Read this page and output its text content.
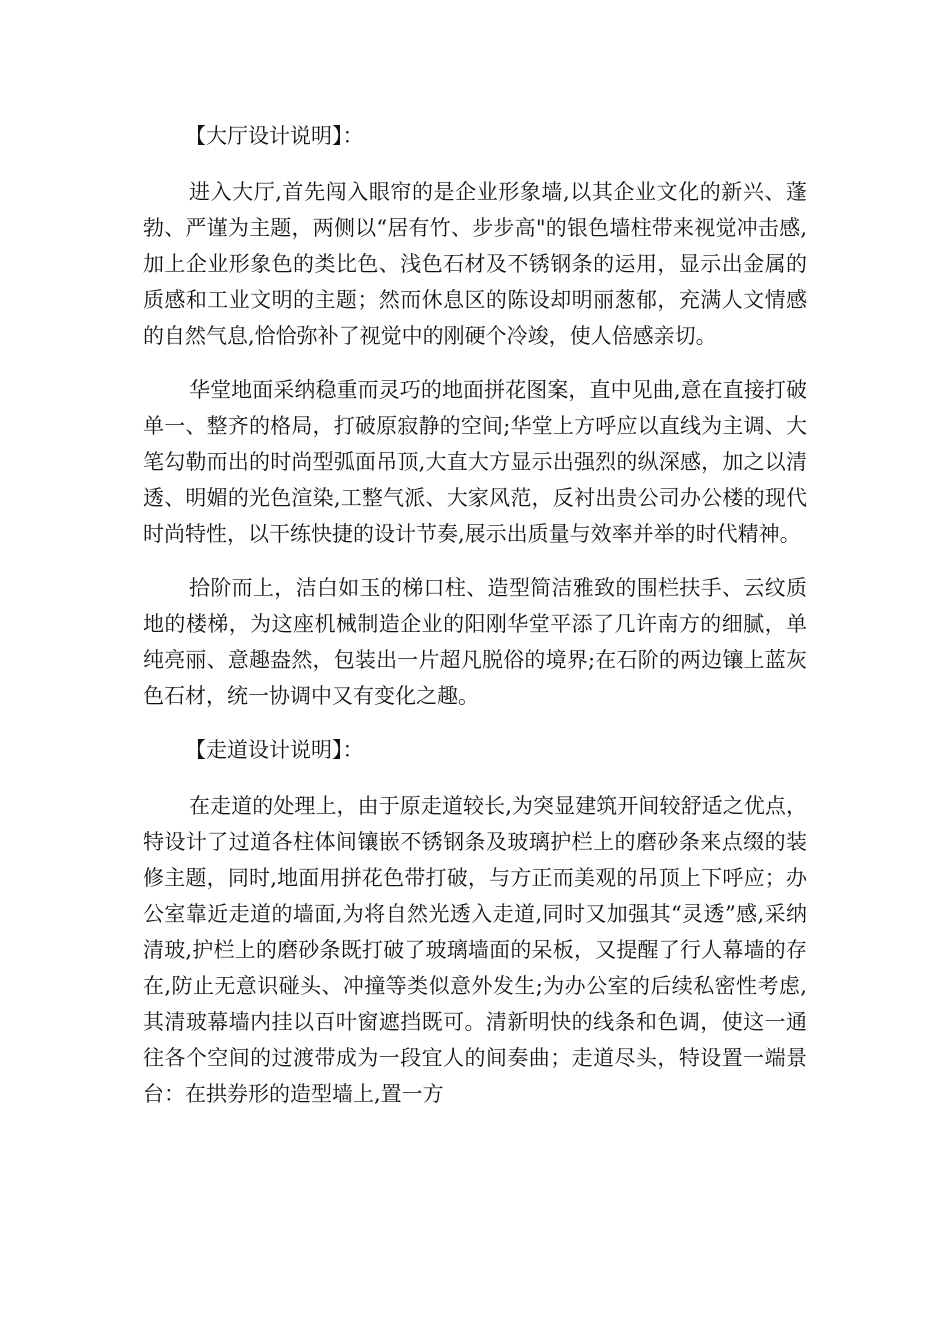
【大厅设计说明】：

进入大厅,首先闯入眼帘的是企业形象墙,以其企业文化的新兴、蓬勃、严谨为主题，两侧以“居有竹、步步高"的银色墙柱带来视觉冲击感,加上企业形象色的类比色、浅色石材及不锈钢条的运用，显示出金属的质感和工业文明的主题；然而休息区的陈设却明丽葱郁，充满人文情感的自然气息,恰恰弥补了视觉中的刚硬个冷竣，使人倍感亲切。

华堂地面采纳稳重而灵巧的地面拼花图案，直中见曲,意在直接打破单一、整齐的格局，打破原寂静的空间;华堂上方呼应以直线为主调、大笔勾勒而出的时尚型弧面吊顶,大直大方显示出强烈的纵深感，加之以清透、明媚的光色渲染,工整气派、大家风范，反衬出贵公司办公楼的现代时尚特性，以干练快捷的设计节奏,展示出质量与效率并举的时代精神。

拾阶而上，洁白如玉的梯口柱、造型简洁雅致的围栏扶手、云纹质地的楼梯，为这座机械制造企业的阳刚华堂平添了几许南方的细腻，单纯亮丽、意趣盎然，包装出一片超凡脱俗的境界;在石阶的两边镶上蓝灰色石材，统一协调中又有变化之趣。

【走道设计说明】：

在走道的处理上，由于原走道较长,为突显建筑开间较舒适之优点，特设计了过道各柱体间镶嵌不锈钢条及玻璃护栏上的磨砂条来点缀的装修主题，同时,地面用拼花色带打破，与方正而美观的吊顶上下呼应；办公室靠近走道的墙面,为将自然光透入走道,同时又加强其“灵透”感,采纳清玻,护栏上的磨砂条既打破了玻璃墙面的呆板，又提醒了行人幕墙的存在,防止无意识碰头、冲撞等类似意外发生;为办公室的后续私密性考虑,其清玻幕墙内挂以百叶窗遮挡既可。清新明快的线条和色调，使这一通往各个空间的过渡带成为一段宜人的间奏曲；走道尽头，特设置一端景台：在拱券形的造型墙上,置一方
